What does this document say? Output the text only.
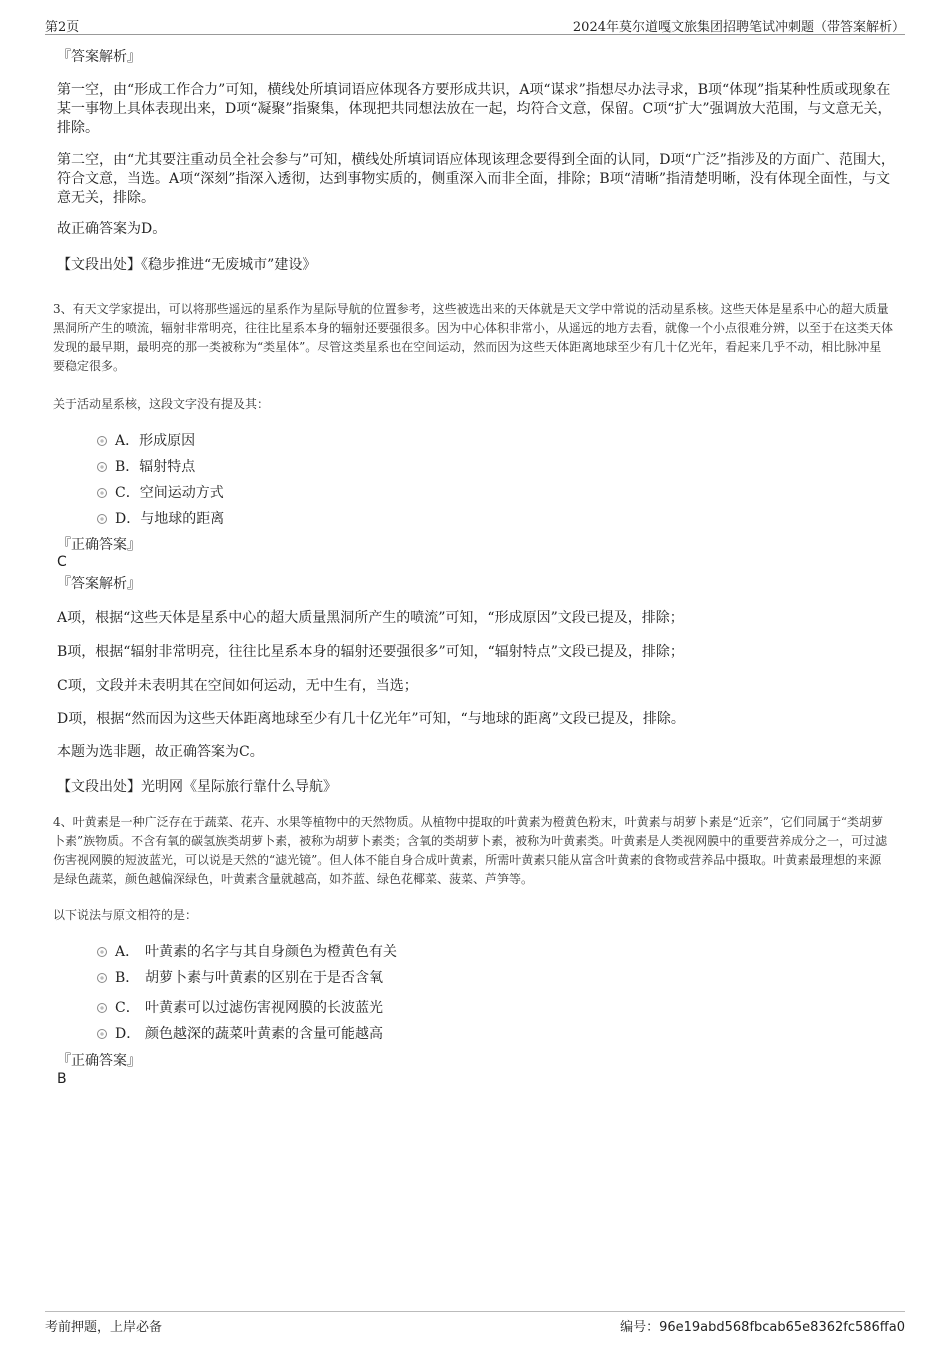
第2页	2024年莫尔道嘎文旅集团招聘笔试冲刺题（带答案解析）
『答案解析』
第一空，由“形成工作合力”可知，横线处所填词语应体现各方要形成共识，A项“谋求”指想尽办法寻求，B项“体现”指某种性质或现象在某一事物上具体表现出来，D项“凝聚”指聚集，体现把共同想法放在一起，均符合文意，保留。C项“扩大”强调放大范围，与文意无关，排除。
第二空，由“尤其要注重动员全社会参与”可知，横线处所填词语应体现该理念要得到全面的认同，D项“广泛”指涉及的方面广、范围大，符合文意，当选。A项“深刻”指深入透彻，达到事物实质的，侧重深入而非全面，排除；B项“清晰”指清楚明晰，没有体现全面性，与文意无关，排除。
故正确答案为D。
【文段出处】《稳步推进“无废城市”建设》
3、有天文学家提出，可以将那些遥远的星系作为星际导航的位置参考，这些被选出来的天体就是天文学中常说的活动星系核。这些天体是星系中心的超大质量黑洞所产生的喷流，辐射非常明亮，往往比星系本身的辐射还要强很多。因为中心体积非常小，从遥远的地方去看，就像一个小点很难分辨，以至于在这类天体发现的最早期，最明亮的那一类被称为“类星体”。尽管这类星系也在空间运动，然而因为这些天体距离地球至少有几十亿光年，看起来几乎不动，相比脉冲星要稳定很多。
关于活动星系核，这段文字没有提及其：
A．形成原因
B．辐射特点
C．空间运动方式
D．与地球的距离
『正确答案』
C
『答案解析』
A项，根据“这些天体是星系中心的超大质量黑洞所产生的喷流”可知，“形成原因”文段已提及，排除；
B项，根据“辐射非常明亮，往往比星系本身的辐射还要强很多”可知，“辐射特点”文段已提及，排除；
C项，文段并未表明其在空间如何运动，无中生有，当选；
D项，根据“然而因为这些天体距离地球至少有几十亿光年”可知，“与地球的距离”文段已提及，排除。
本题为选非题，故正确答案为C。
【文段出处】光明网《星际旅行靠什么导航》
4、叶黄素是一种广泛存在于蔬菜、花卉、水果等植物中的天然物质。从植物中提取的叶黄素为橙黄色粉末，叶黄素与胡萝卜素是“近亲”，它们同属于“类胡萝卜素”族物质。不含有氧的碳氢族类胡萝卜素，被称为胡萝卜素类；含氧的类胡萝卜素，被称为叶黄素类。叶黄素是人类视网膜中的重要营养成分之一，可过滤伤害视网膜的短波蓝光，可以说是天然的“滤光镜”。但人体不能自身合成叶黄素，所需叶黄素只能从富含叶黄素的食物或营养品中摄取。叶黄素最理想的来源是绿色蔬菜，颜色越偏深绿色，叶黄素含量就越高，如芥蓝、绿色花椰菜、菠菜、芦笋等。
以下说法与原文相符的是：
A． 叶黄素的名字与其自身颜色为橙黄色有关
B． 胡萝卜素与叶黄素的区别在于是否含氧
C． 叶黄素可以过滤伤害视网膜的长波蓝光
D． 颜色越深的蔬菜叶黄素的含量可能越高
『正确答案』
B
考前押题，上岸必备	编号：96e19abd568fbcab65e8362fc586ffa0
